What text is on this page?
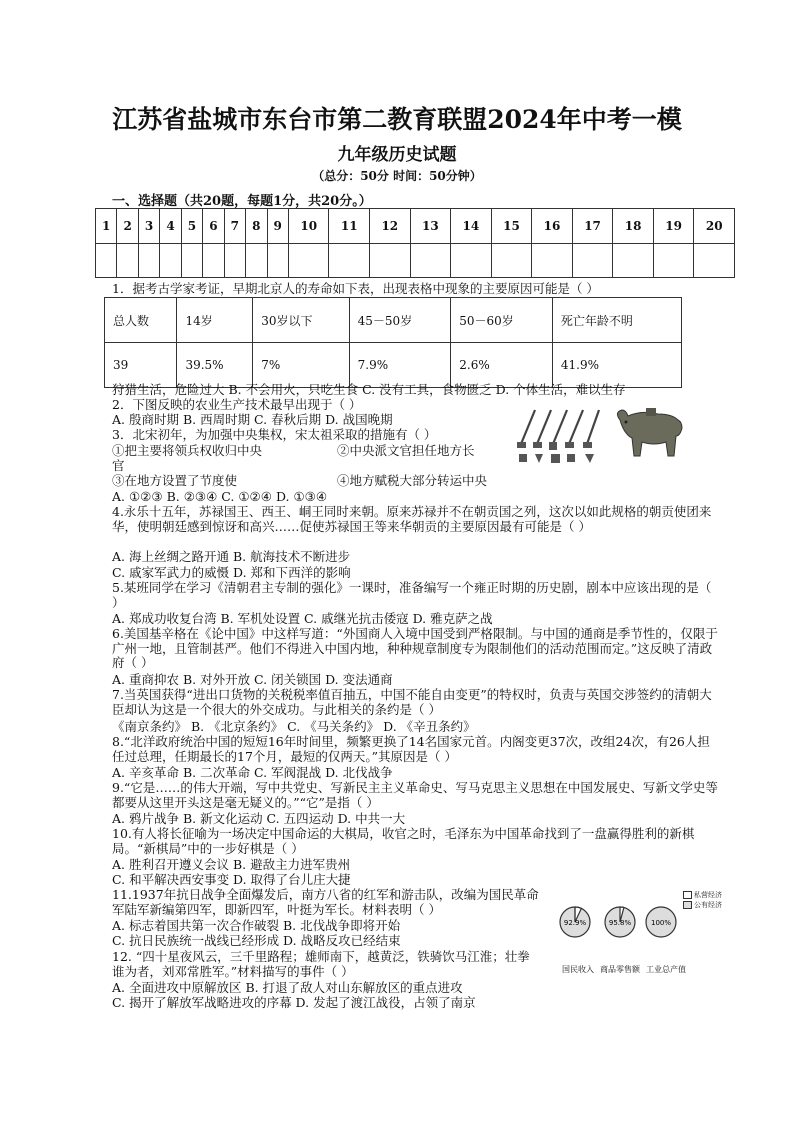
江苏省盐城市东台市第二教育联盟2024年中考一模
九年级历史试题
（总分：50分 时间：50分钟）
一、选择题（共20题，每题1分，共20分。）
1	2	3	4	5	6	7	8	9	10	11	12	13	14	15	16	17	18	19	20

1．据考古学家考证，早期北京人的寿命如下表，出现表格中现象的主要原因可能是（ ）
总人数	14岁	30岁以下	45－50岁	50－60岁	死亡年龄不明
39	39.5%	7%	7.9%	2.6%	41.9%
狩猎生活，危险过大 B. 不会用火，只吃生食 C. 没有工具，食物匮乏 D. 个体生活，难以生存
2．下图反映的农业生产技术最早出现于（ ）
A. 殷商时期 B. 西周时期 C. 春秋后期 D. 战国晚期
3．北宋初年，为加强中央集权，宋太祖采取的措施有（ ）
①把主要将领兵权收归中央	②中央派文官担任地方长
官
③在地方设置了节度使	④地方赋税大部分转运中央
A. ①②③ B. ②③④ C. ①②④ D. ①③④
4.永乐十五年，苏禄国王、西王、峒王同时来朝。原来苏禄并不在朝贡国之列，这次以如此规格的朝贡使团来华，使明朝廷感到惊讶和高兴……促使苏禄国王等来华朝贡的主要原因最有可能是（ ）
A. 海上丝绸之路开通 B. 航海技术不断进步
C. 戚家军武力的威慑 D. 郑和下西洋的影响
5.某班同学在学习《清朝君主专制的强化》一课时，准备编写一个雍正时期的历史剧，剧本中应该出现的是（ ）
A. 郑成功收复台湾 B. 军机处设置 C. 戚继光抗击倭寇 D. 雅克萨之战
6.美国基辛格在《论中国》中这样写道：“外国商人入境中国受到严格限制。与中国的通商是季节性的，仅限于广州一地，且管制甚严。他们不得进入中国内地，种种规章制度专为限制他们的活动范围而定。”这反映了清政府（ ）
A. 重商抑农 B. 对外开放 C. 闭关锁国 D. 变法通商
7.当英国获得“进出口货物的关税税率值百抽五，中国不能自由变更”的特权时，负责与英国交涉签约的清朝大臣却认为这是一个很大的外交成功。与此相关的条约是（ ）
《南京条约》 B. 《北京条约》 C. 《马关条约》 D. 《辛丑条约》
8.“北洋政府统治中国的短短16年时间里，频繁更换了14名国家元首。内阁变更37次，改组24次，有26人担任过总理，任期最长的17个月，最短的仅两天。”其原因是（ ）
A. 辛亥革命 B. 二次革命 C. 军阀混战 D. 北伐战争
9.“它是……的伟大开端，写中共党史、写新民主主义革命史、写马克思主义思想在中国发展史、写新文学史等都要从这里开头这是毫无疑义的。”“它”是指（ ）
A. 鸦片战争 B. 新文化运动 C. 五四运动 D. 中共一大
10.有人将长征喻为一场决定中国命运的大棋局，收官之时，毛泽东为中国革命找到了一盘赢得胜利的新棋局。“新棋局”中的一步好棋是（ ）
A. 胜利召开遵义会议 B. 避敌主力进军贵州
C. 和平解决西安事变 D. 取得了台儿庄大捷
11.1937年抗日战争全面爆发后，南方八省的红军和游击队，改编为国民革命军陆军新编第四军，即新四军，叶挺为军长。材料表明（ ）
A. 标志着国共第一次合作破裂 B. 北伐战争即将开始
C. 抗日民族统一战线已经形成 D. 战略反攻已经结束
92.9%	95.8%	100%
私营经济
公有经济
国民收入 商品零售额 工业总产值
12. “四十星夜风云，三千里路程；雄师南下，越黄泛，铁骑饮马江淮；壮拳谁为者，刘邓常胜军。”材料描写的事件（ ）
A. 全面进攻中原解放区 B. 打退了敌人对山东解放区的重点进攻
C. 揭开了解放军战略进攻的序幕 D. 发起了渡江战役，占领了南京
